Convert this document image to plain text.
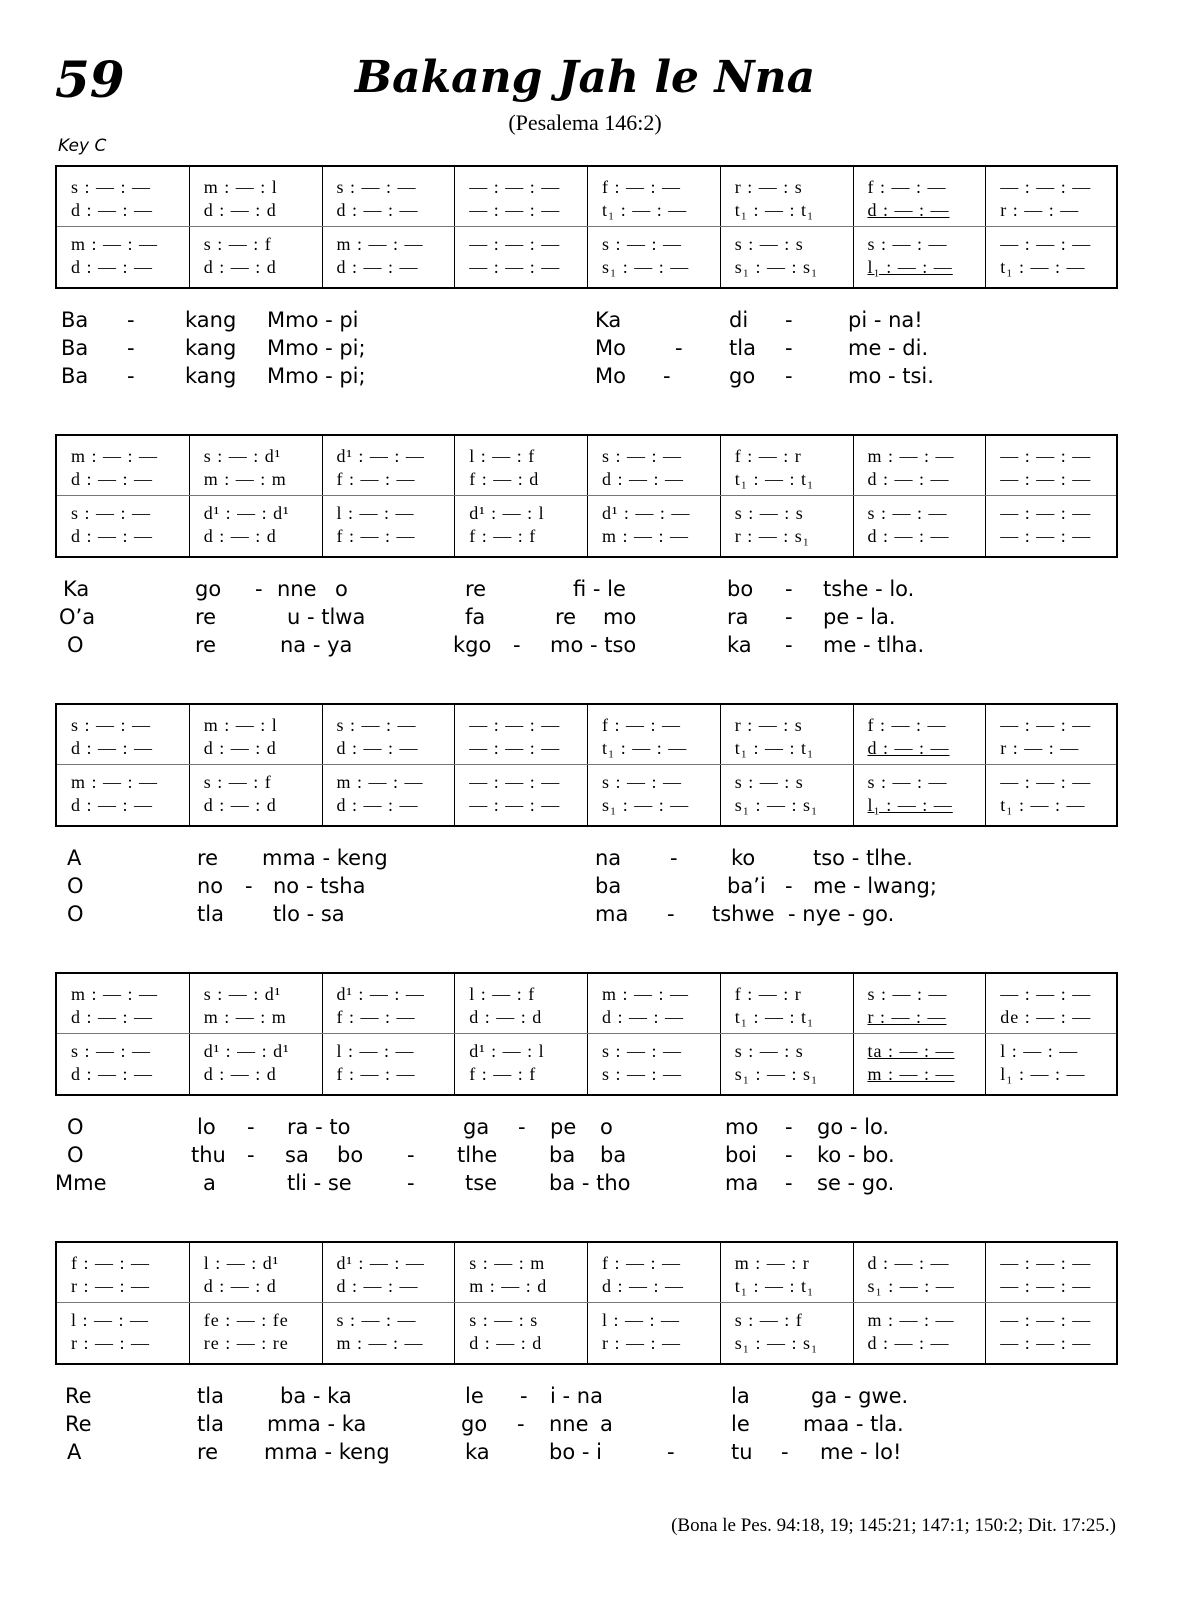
59	Bakang Jah le Nna
(Pesalema 146:2)
Key C
s : — : —	m : — : l	s : — : —	— : — : —	f : — : —	r : — : s	f : — : —	— : — : —
d : — : —	d : — : d	d : — : —	— : — : —	t₁ : — : —	t₁ : — : t₁	d : — : —	r : — : —
m : — : —	s : — : f	m : — : —	— : — : —	s : — : —	s : — : s	s : — : —	— : — : —
d : — : —	d : — : d	d : — : —	— : — : —	s₁ : — : —	s₁ : — : s₁	l₁ : — : —	t₁ : — : —
Ba - kang Mmo - pi	Ka	di -	pi - na!
Ba - kang Mmo - pi;	Mo - tla -	me - di.
Ba - kang Mmo - pi;	Mo -	go -	mo - tsi.
m : — : —	s : — : d¹	d¹ : — : —	l : — : f	s : — : —	f : — : r	m : — : —	— : — : —
d : — : —	m : — : m	f : — : —	f : — : d	d : — : —	t₁ : — : t₁	d : — : —	— : — : —
s : — : —	d¹ : — : d¹	l : — : —	d¹ : — : l	d¹ : — : —	s : — : s	s : — : —	— : — : —
d : — : —	d : — : d	f : — : —	f : — : f	m : — : —	r : — : s₁	d : — : —	— : — : —
Ka	go - nne o	re	fi - le	bo - tshe - lo.
O’a	re	u - tlwa	fa	re mo	ra - pe - la.
O	re	na - ya	kgo - mo - tso	ka - me - tlha.
s : — : —	m : — : l	s : — : —	— : — : —	f : — : —	r : — : s	f : — : —	— : — : —
d : — : —	d : — : d	d : — : —	— : — : —	t₁ : — : —	t₁ : — : t₁	d : — : —	r : — : —
m : — : —	s : — : f	m : — : —	— : — : —	s : — : —	s : — : s	s : — : —	— : — : —
d : — : —	d : — : d	d : — : —	— : — : —	s₁ : — : —	s₁ : — : s₁	l₁ : — : —	t₁ : — : —
A	re mma - keng	na -	ko	tso - tlhe.
O	no - no - tsha	ba	ba’i - me - lwang;
O	tla tlo - sa	ma - tshwe - nye - go.
m : — : —	s : — : d¹	d¹ : — : —	l : — : f	m : — : —	f : — : r	s : — : —	— : — : —
d : — : —	m : — : m	f : — : —	d : — : d	d : — : —	t₁ : — : t₁	r : — : —	de : — : —
s : — : —	d¹ : — : d¹	l : — : —	d¹ : — : l	s : — : —	s : — : s	ta : — : —	l : — : —
d : — : —	d : — : d	f : — : —	f : — : f	s : — : —	s₁ : — : s₁	m : — : —	l₁ : — : —
O	lo - ra - to	ga - pe o	mo - go - lo.
O	thu - sa bo - tlhe ba ba	boi - ko - bo.
Mme	a	tli - se	- tse ba - tho	ma - se - go.
f : — : —	l : — : d¹	d¹ : — : —	s : — : m	f : — : —	m : — : r	d : — : —	— : — : —
r : — : —	d : — : d	d : — : —	m : — : d	d : — : —	t₁ : — : t₁	s₁ : — : —	— : — : —
l : — : —	fe : — : fe	s : — : —	s : — : s	l : — : —	s : — : f	m : — : —	— : — : —
r : — : —	re : — : re	m : — : —	d : — : d	r : — : —	s₁ : — : s₁	d : — : —	— : — : —
Re	tla	ba - ka	le - i - na	la	ga - gwe.
Re	tla mma - ka	go - nne a	le	maa - tla.
A	re mma - keng	ka	bo - i	-	tu - me - lo!
(Bona le Pes. 94:18, 19; 145:21; 147:1; 150:2; Dit. 17:25.)
